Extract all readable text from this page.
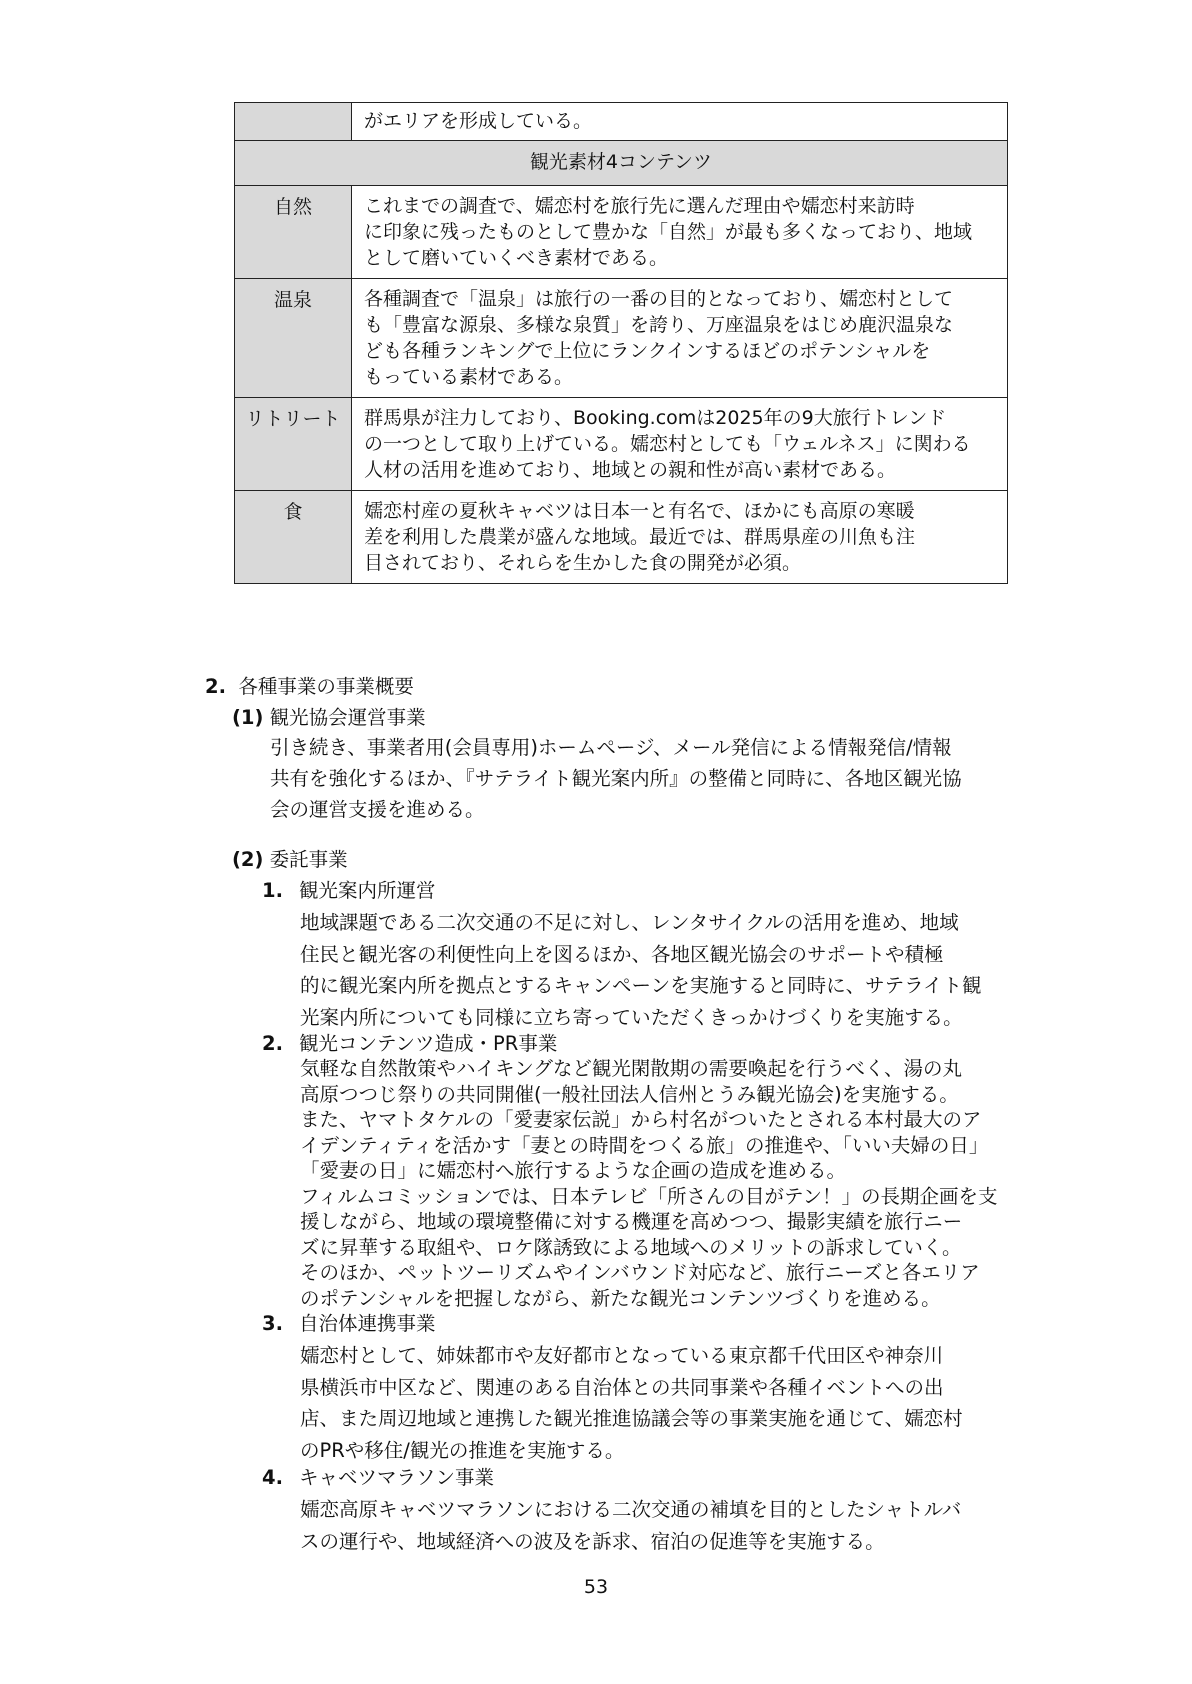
	がエリアを形成している。
観光素材4コンテンツ	
自然	これまでの調査で、嬬恋村を旅行先に選んだ理由や嬬恋村来訪時
に印象に残ったものとして豊かな「自然」が最も多くなっており、地域
として磨いていくべき素材である。

温泉	各種調査で「温泉」は旅行の一番の目的となっており、嬬恋村として
も「豊富な源泉、多様な泉質」を誇り、万座温泉をはじめ鹿沢温泉な
ども各種ランキングで上位にランクインするほどのポテンシャルを
もっている素材である。

リトリート	群馬県が注力しており、Booking.comは2025年の9大旅行トレンド
の一つとして取り上げている。嬬恋村としても「ウェルネス」に関わる
人材の活用を進めており、地域との親和性が高い素材である。

食	嬬恋村産の夏秋キャベツは日本一と有名で、ほかにも高原の寒暖
差を利用した農業が盛んな地域。最近では、群馬県産の川魚も注
目されており、それらを生かした食の開発が必須。
2. 各種事業の事業概要
(1) 観光協会運営事業
引き続き、事業者用(会員専用)ホームページ、メール発信による情報発信/情報
共有を強化するほか、『サテライト観光案内所』の整備と同時に、各地区観光協
会の運営支援を進める。
(2) 委託事業
1. 観光案内所運営

地域課題である二次交通の不足に対し、レンタサイクルの活用を進め、地域

住民と観光客の利便性向上を図るほか、各地区観光協会のサポートや積極

的に観光案内所を拠点とするキャンペーンを実施すると同時に、サテライト観

光案内所についても同様に立ち寄っていただくきっかけづくりを実施する。

2. 観光コンテンツ造成・PR事業

気軽な自然散策やハイキングなど観光閑散期の需要喚起を行うべく、湯の丸

高原つつじ祭りの共同開催(一般社団法人信州とうみ観光協会)を実施する。

また、ヤマトタケルの「愛妻家伝説」から村名がついたとされる本村最大のア

イデンティティを活かす「妻との時間をつくる旅」の推進や、「いい夫婦の日」

「愛妻の日」に嬬恋村へ旅行するような企画の造成を進める。

フィルムコミッションでは、日本テレビ「所さんの目がテン！」の長期企画を支

援しながら、地域の環境整備に対する機運を高めつつ、撮影実績を旅行ニー

ズに昇華する取組や、ロケ隊誘致による地域へのメリットの訴求していく。

そのほか、ペットツーリズムやインバウンド対応など、旅行ニーズと各エリア

のポテンシャルを把握しながら、新たな観光コンテンツづくりを進める。

3. 自治体連携事業

嬬恋村として、姉妹都市や友好都市となっている東京都千代田区や神奈川

県横浜市中区など、関連のある自治体との共同事業や各種イベントへの出

店、また周辺地域と連携した観光推進協議会等の事業実施を通じて、嬬恋村

のPRや移住/観光の推進を実施する。

4. キャベツマラソン事業

嬬恋高原キャベツマラソンにおける二次交通の補填を目的としたシャトルバ

スの運行や、地域経済への波及を訴求、宿泊の促進等を実施する。

53
